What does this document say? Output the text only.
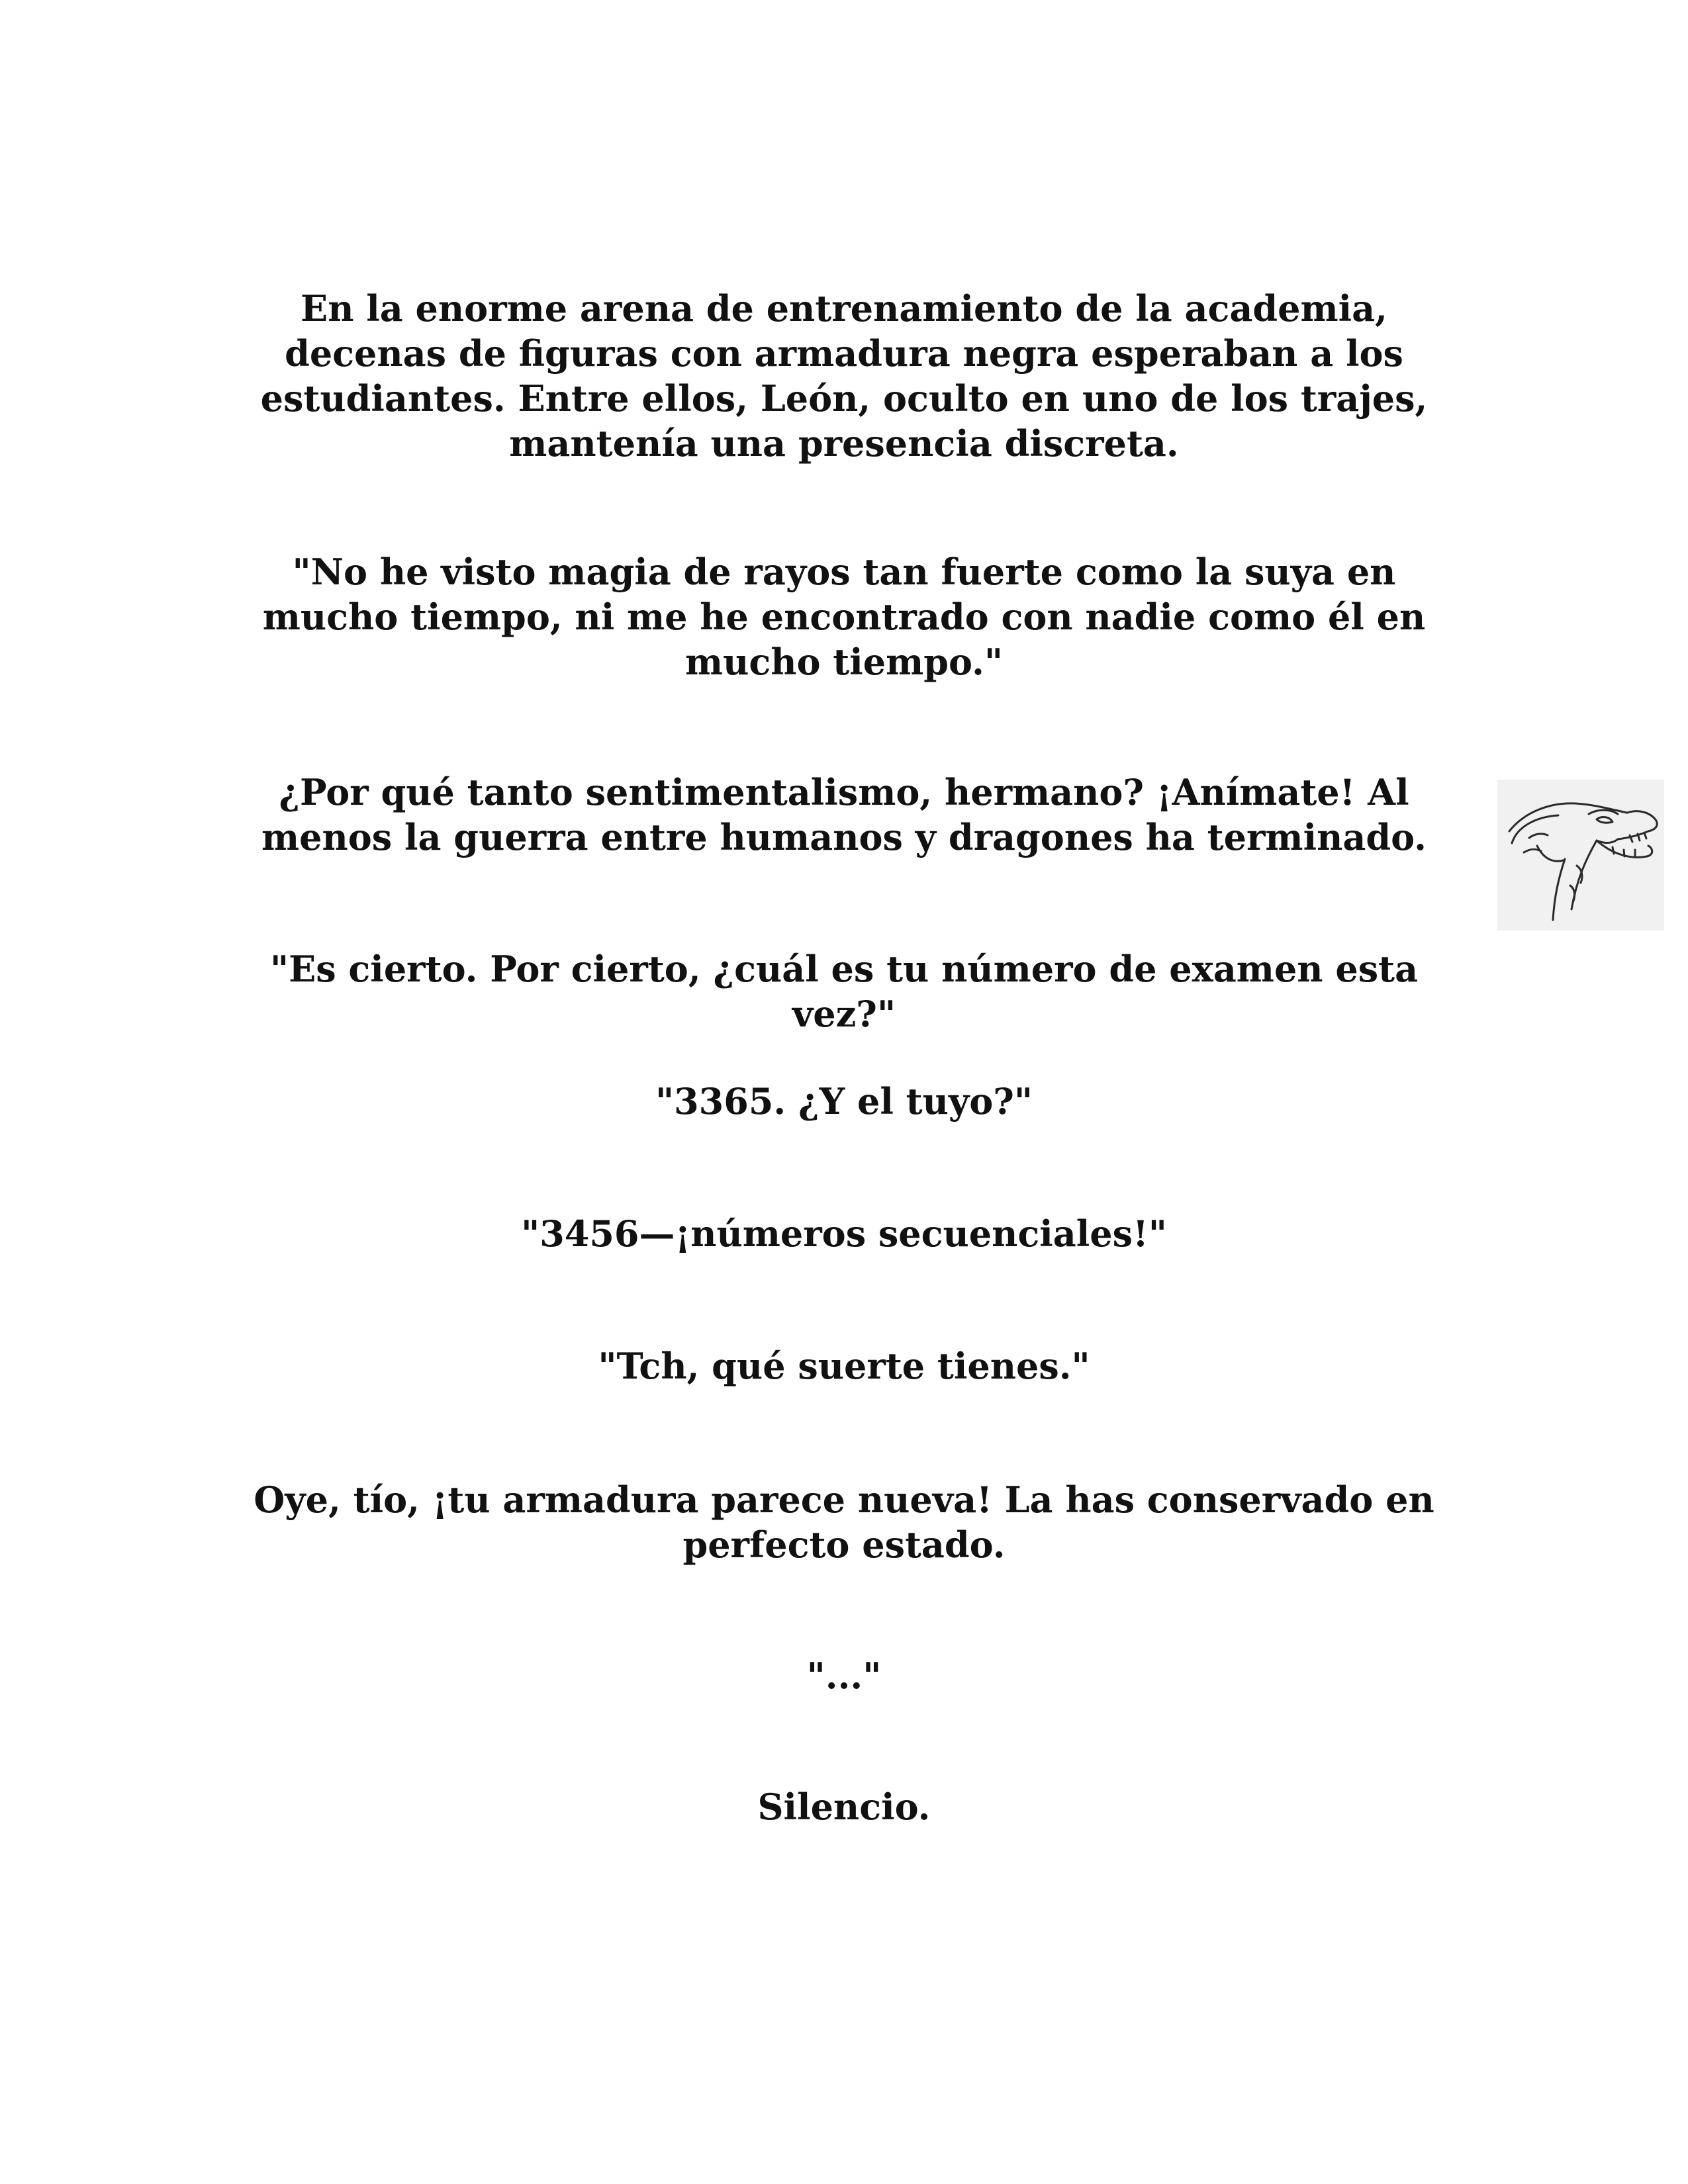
En la enorme arena de entrenamiento de la academia, decenas de figuras con armadura negra esperaban a los estudiantes. Entre ellos, León, oculto en uno de los trajes, mantenía una presencia discreta.

"No he visto magia de rayos tan fuerte como la suya en mucho tiempo, ni me he encontrado con nadie como él en mucho tiempo."

¿Por qué tanto sentimentalismo, hermano? ¡Anímate! Al menos la guerra entre humanos y dragones ha terminado.

"Es cierto. Por cierto, ¿cuál es tu número de examen esta vez?"

"3365. ¿Y el tuyo?"

"3456—¡números secuenciales!"

"Tch, qué suerte tienes."

Oye, tío, ¡tu armadura parece nueva! La has conservado en perfecto estado.

"..."

Silencio.
